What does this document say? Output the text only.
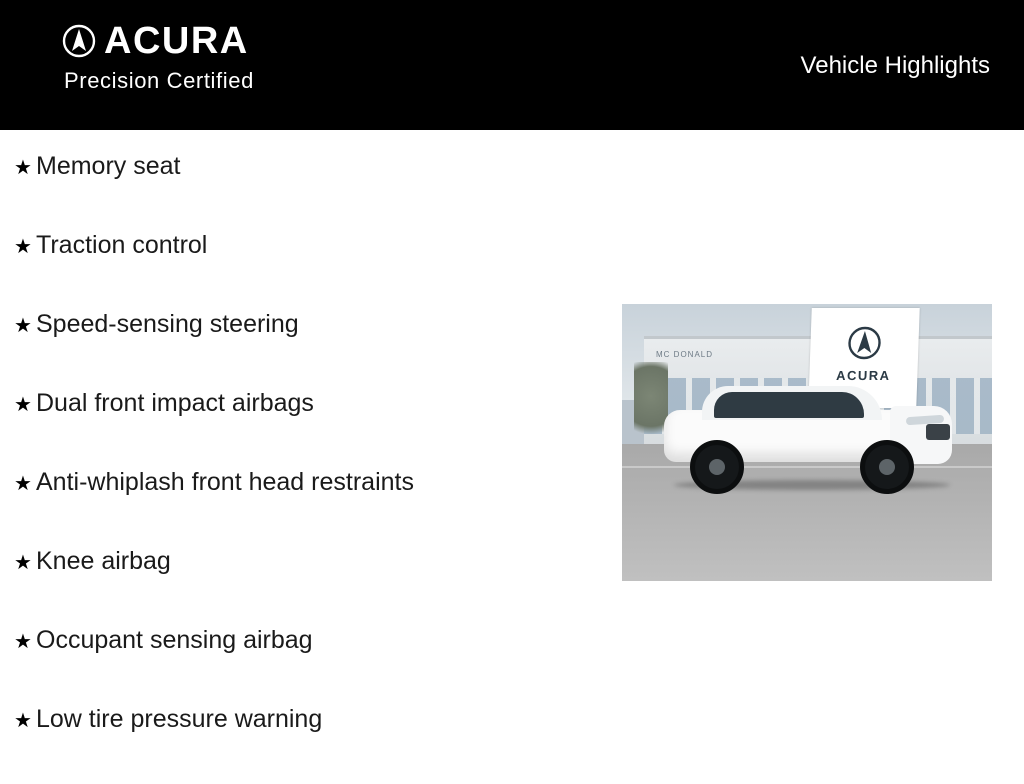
ACURA
Precision Certified
Vehicle Highlights
★ Memory seat
★ Traction control
★ Speed-sensing steering
★ Dual front impact airbags
★ Anti-whiplash front head restraints
★ Knee airbag
★ Occupant sensing airbag
★ Low tire pressure warning
MC DONALD
ACURA
